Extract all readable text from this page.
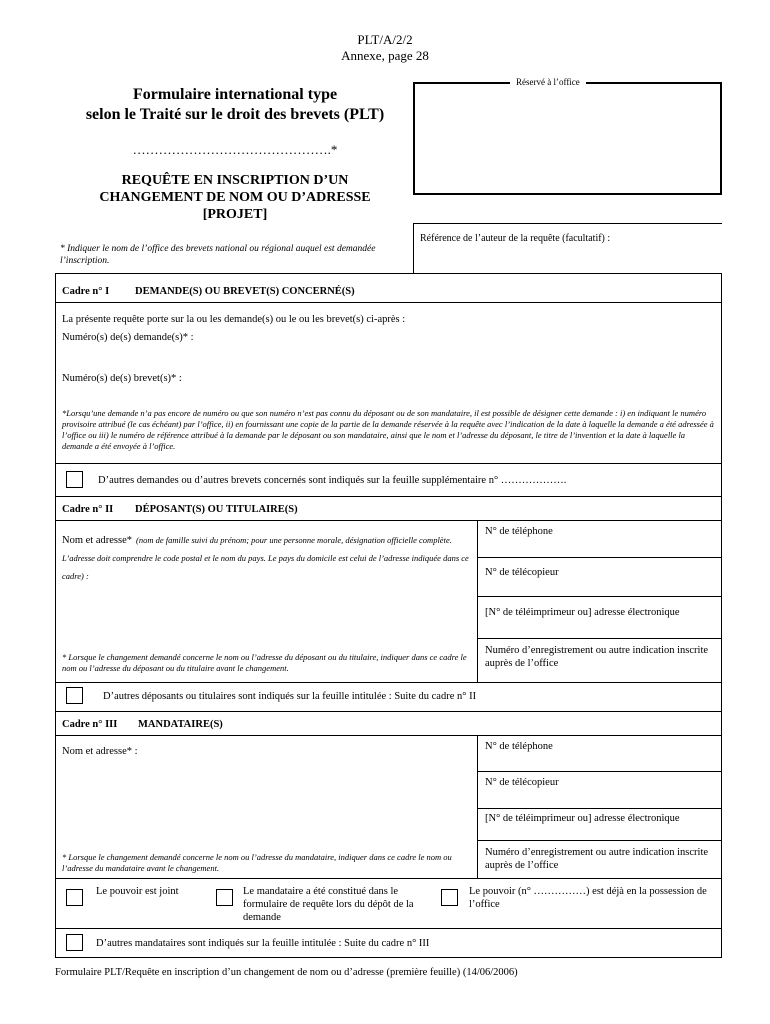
PLT/A/2/2
Annexe, page 28
Formulaire international type
selon le Traité sur le droit des brevets (PLT)
……………………………………….*
REQUÊTE EN INSCRIPTION D’UN
CHANGEMENT DE NOM OU D’ADRESSE
[PROJET]
* Indiquer le nom de l’office des brevets national ou régional auquel est demandée l’inscription.
Réservé à l’office
Référence de l’auteur de la requête (facultatif) :
Cadre n° I DEMANDE(S) OU BREVET(S) CONCERNÉ(S)
La présente requête porte sur la ou les demande(s) ou le ou les brevet(s) ci-après :
Numéro(s) de(s) demande(s)* :
Numéro(s) de(s) brevet(s)* :
*Lorsqu’une demande n’a pas encore de numéro ou que son numéro n’est pas connu du déposant ou de son mandataire, il est possible de désigner cette demande : i) en indiquant le numéro provisoire attribué (le cas échéant) par l’office, ii) en fournissant une copie de la partie de la demande réservée à la requête avec l’indication de la date à laquelle la demande a été adressée à l’office ou iii) le numéro de référence attribué à la demande par le déposant ou son mandataire, ainsi que le nom et l’adresse du déposant, le titre de l’invention et la date à laquelle la demande a été envoyée à l’office.
D’autres demandes ou d’autres brevets concernés sont indiqués sur la feuille supplémentaire n° ……………….
Cadre n° II DÉPOSANT(S) OU TITULAIRE(S)
Nom et adresse* (nom de famille suivi du prénom; pour une personne morale, désignation officielle complète. L’adresse doit comprendre le code postal et le nom du pays. Le pays du domicile est celui de l’adresse indiquée dans ce cadre) :
* Lorsque le changement demandé concerne le nom ou l’adresse du déposant ou du titulaire, indiquer dans ce cadre le nom ou l’adresse du déposant ou du titulaire avant le changement.
N° de téléphone
N° de télécopieur
[N° de téléimprimeur ou] adresse électronique
Numéro d’enregistrement ou autre indication inscrite auprès de l’office
D’autres déposants ou titulaires sont indiqués sur la feuille intitulée : Suite du cadre n° II
Cadre n° III MANDATAIRE(S)
Nom et adresse* :
* Lorsque le changement demandé concerne le nom ou l’adresse du mandataire, indiquer dans ce cadre le nom ou l’adresse du mandataire avant le changement.
N° de téléphone
N° de télécopieur
[N° de téléimprimeur ou] adresse électronique
Numéro d’enregistrement ou autre indication inscrite auprès de l’office
Le pouvoir est joint	Le mandataire a été constitué dans le formulaire de requête lors du dépôt de la demande
Le pouvoir (n° ……………) est déjà en la possession de l’office
D’autres mandataires sont indiqués sur la feuille intitulée : Suite du cadre n° III
Formulaire PLT/Requête en inscription d’un changement de nom ou d’adresse (première feuille) (14/06/2006)
